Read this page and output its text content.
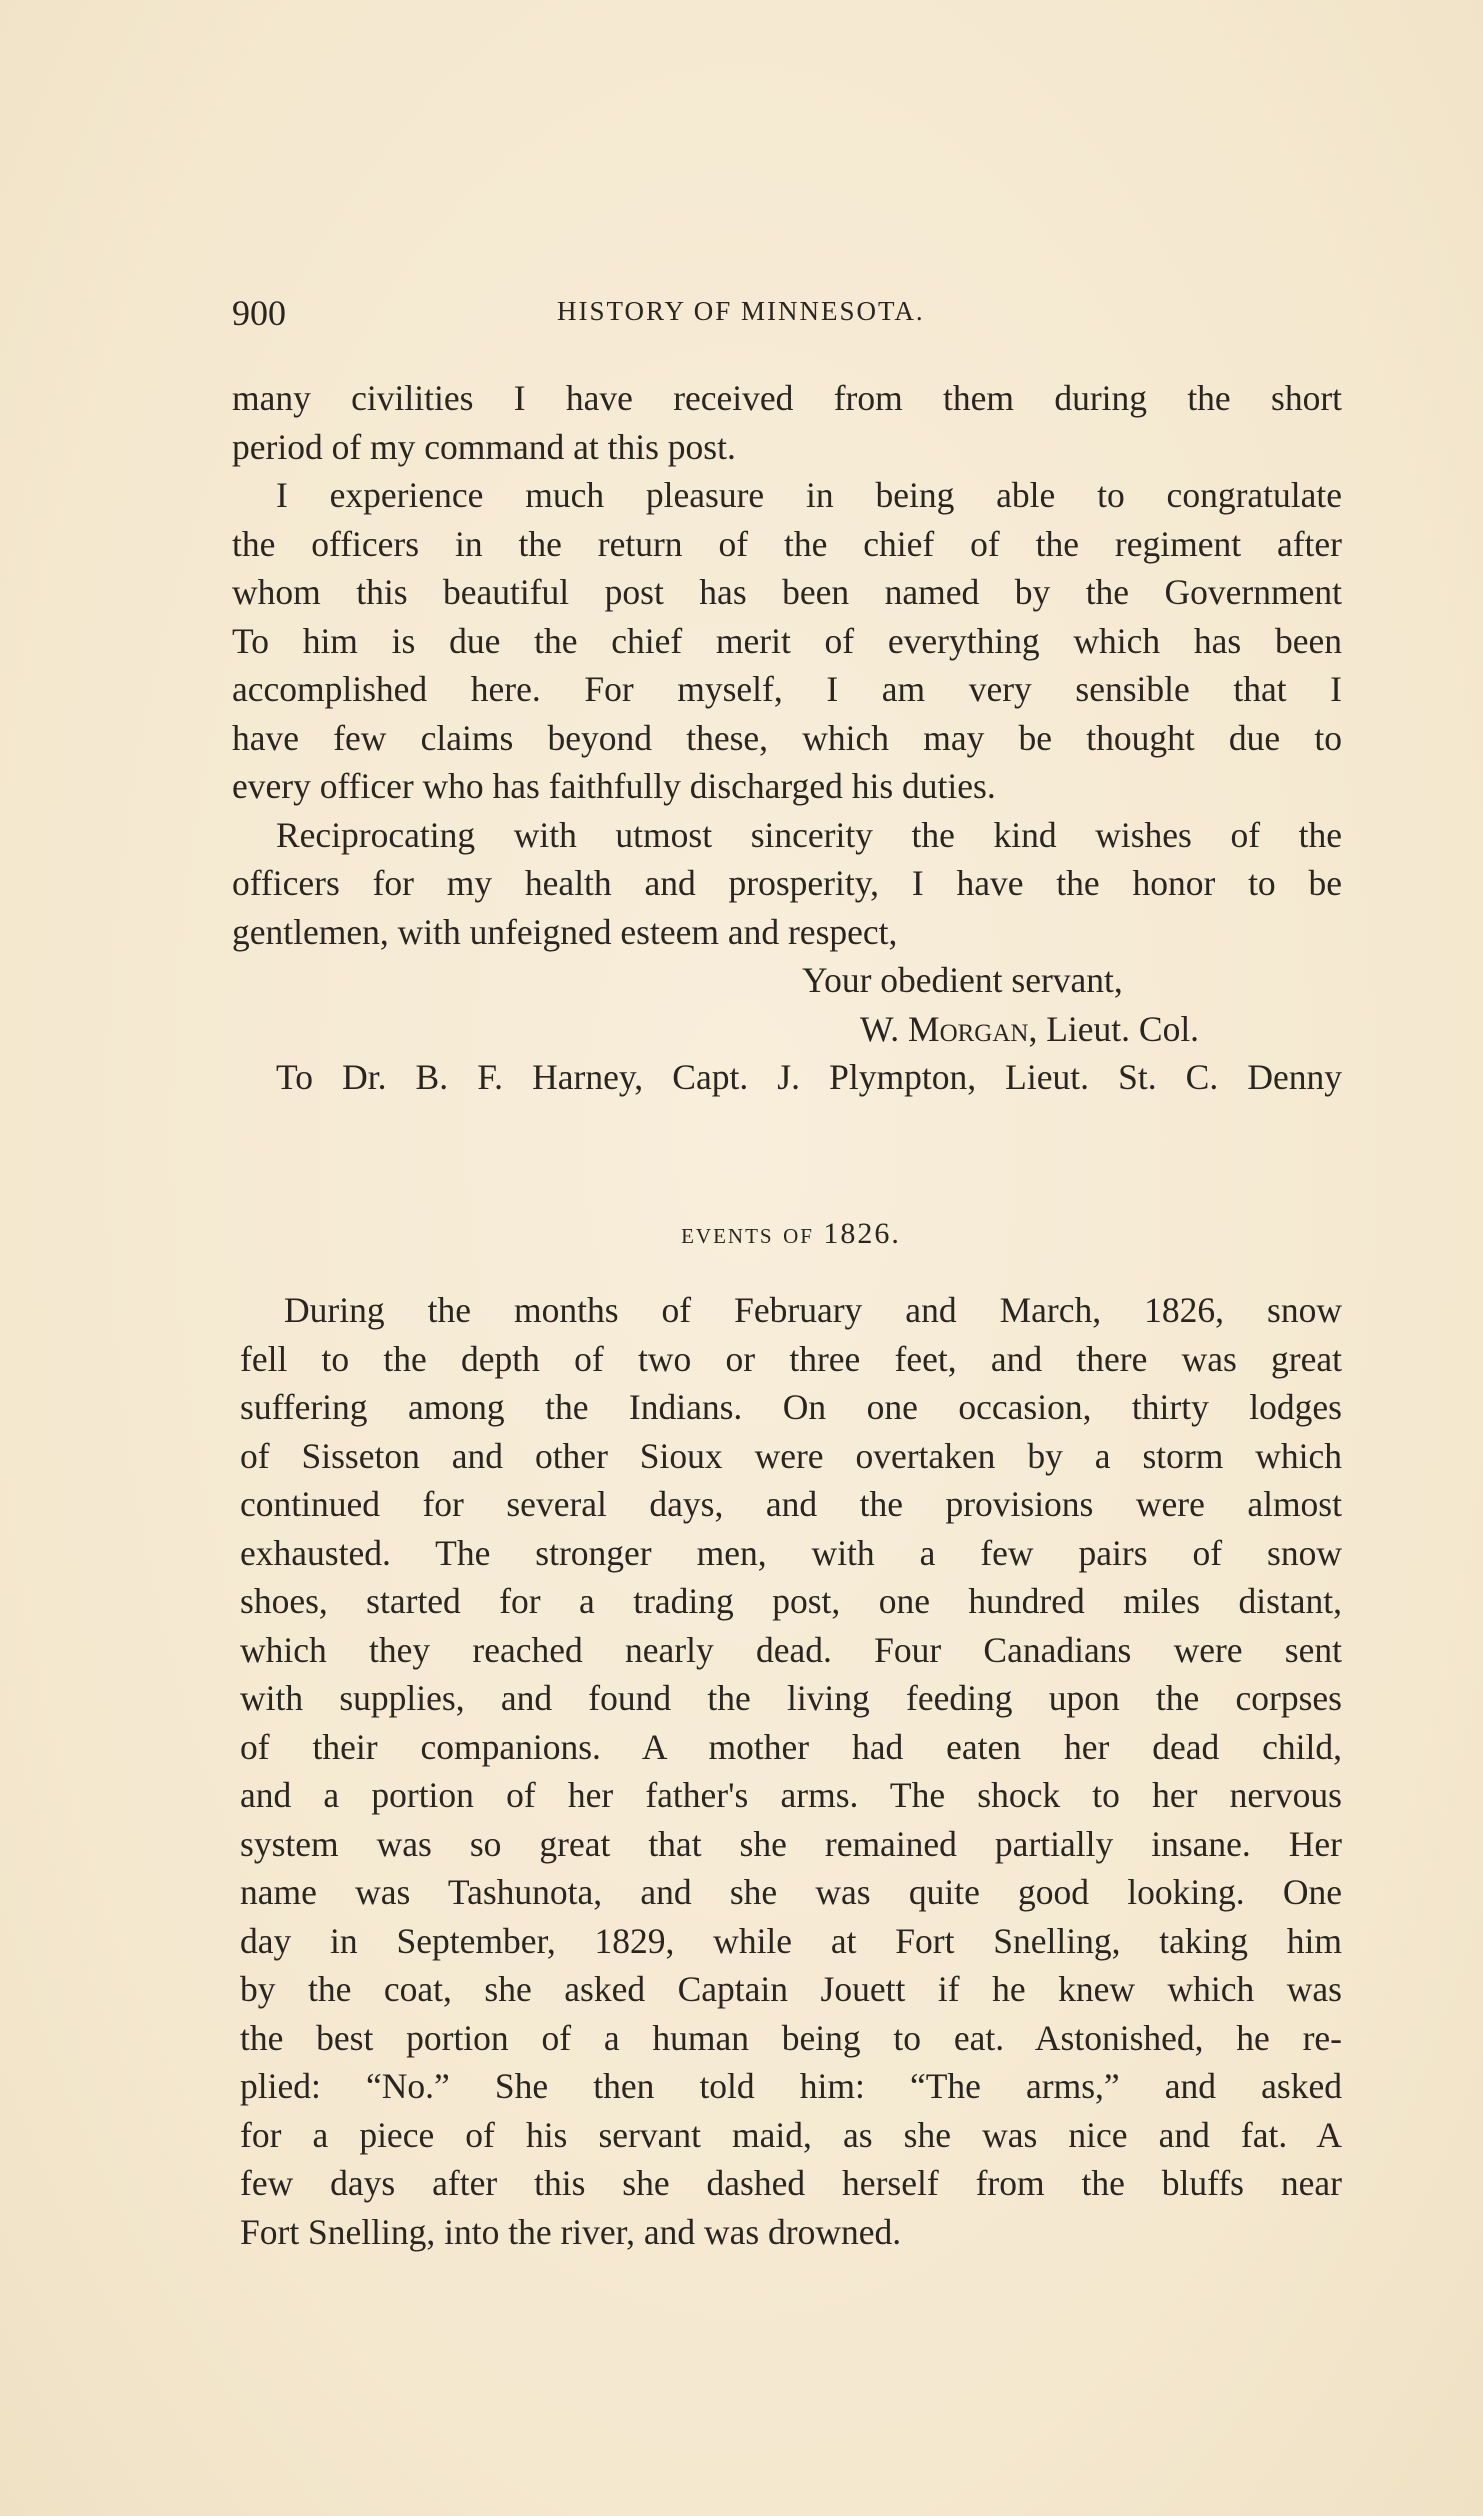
900	HISTORY OF MINNESOTA.
many civilities I have received from them during the short
period of my command at this post.
I experience much pleasure in being able to congratulate
the officers in the return of the chief of the regiment after
whom this beautiful post has been named by the Government
To him is due the chief merit of everything which has been
accomplished here. For myself, I am very sensible that I
have few claims beyond these, which may be thought due to
every officer who has faithfully discharged his duties.
Reciprocating with utmost sincerity the kind wishes of the
officers for my health and prosperity, I have the honor to be
gentlemen, with unfeigned esteem and respect,
Your obedient servant,
W. Morgan, Lieut. Col.
To Dr. B. F. Harney, Capt. J. Plympton, Lieut. St. C. Denny
events of 1826.
During the months of February and March, 1826, snow
fell to the depth of two or three feet, and there was great
suffering among the Indians. On one occasion, thirty lodges
of Sisseton and other Sioux were overtaken by a storm which
continued for several days, and the provisions were almost
exhausted. The stronger men, with a few pairs of snow
shoes, started for a trading post, one hundred miles distant,
which they reached nearly dead. Four Canadians were sent
with supplies, and found the living feeding upon the corpses
of their companions. A mother had eaten her dead child,
and a portion of her father's arms. The shock to her nervous
system was so great that she remained partially insane. Her
name was Tashunota, and she was quite good looking. One
day in September, 1829, while at Fort Snelling, taking him
by the coat, she asked Captain Jouett if he knew which was
the best portion of a human being to eat. Astonished, he re-
plied: “No.” She then told him: “The arms,” and asked
for a piece of his servant maid, as she was nice and fat. A
few days after this she dashed herself from the bluffs near
Fort Snelling, into the river, and was drowned.
